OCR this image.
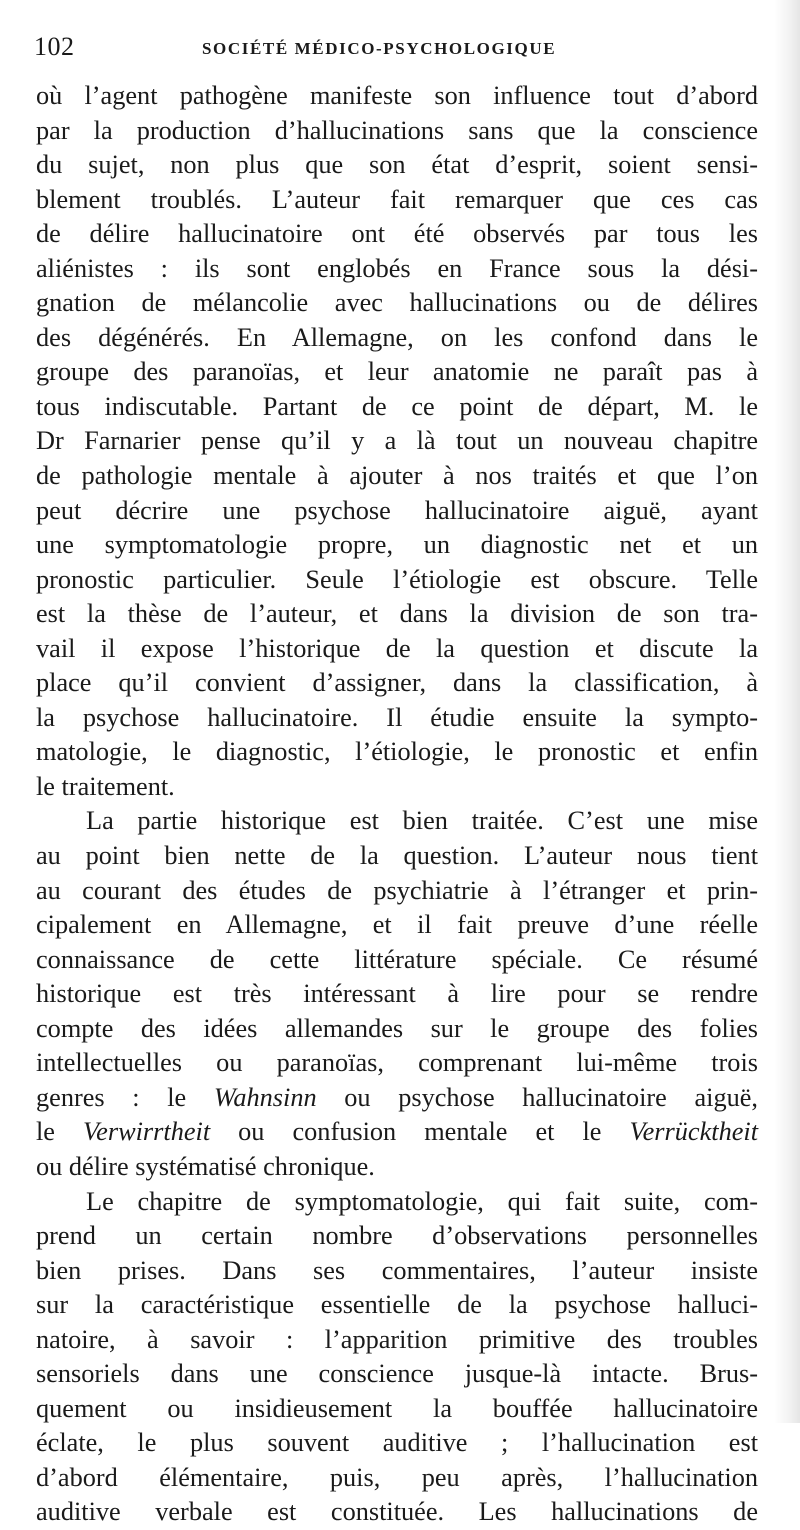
102	SOCIÉTÉ MÉDICO-PSYCHOLOGIQUE
où l’agent pathogène manifeste son influence tout d’abord
par la production d’hallucinations sans que la conscience
du sujet, non plus que son état d’esprit, soient sensi-
blement troublés. L’auteur fait remarquer que ces cas
de délire hallucinatoire ont été observés par tous les
aliénistes : ils sont englobés en France sous la dési-
gnation de mélancolie avec hallucinations ou de délires
des dégénérés. En Allemagne, on les confond dans le
groupe des paranoïas, et leur anatomie ne paraît pas à
tous indiscutable. Partant de ce point de départ, M. le
Dr Farnarier pense qu’il y a là tout un nouveau chapitre
de pathologie mentale à ajouter à nos traités et que l’on
peut décrire une psychose hallucinatoire aiguë, ayant
une symptomatologie propre, un diagnostic net et un
pronostic particulier. Seule l’étiologie est obscure. Telle
est la thèse de l’auteur, et dans la division de son tra-
vail il expose l’historique de la question et discute la
place qu’il convient d’assigner, dans la classification, à
la psychose hallucinatoire. Il étudie ensuite la sympto-
matologie, le diagnostic, l’étiologie, le pronostic et enfin
le traitement.
La partie historique est bien traitée. C’est une mise
au point bien nette de la question. L’auteur nous tient
au courant des études de psychiatrie à l’étranger et prin-
cipalement en Allemagne, et il fait preuve d’une réelle
connaissance de cette littérature spéciale. Ce résumé
historique est très intéressant à lire pour se rendre
compte des idées allemandes sur le groupe des folies
intellectuelles ou paranoïas, comprenant lui-même trois
genres : le Wahnsinn ou psychose hallucinatoire aiguë,
le Verwirrtheit ou confusion mentale et le Verrücktheit
ou délire systématisé chronique.
Le chapitre de symptomatologie, qui fait suite, com-
prend un certain nombre d’observations personnelles
bien prises. Dans ses commentaires, l’auteur insiste
sur la caractéristique essentielle de la psychose halluci-
natoire, à savoir : l’apparition primitive des troubles
sensoriels dans une conscience jusque-là intacte. Brus-
quement ou insidieusement la bouffée hallucinatoire
éclate, le plus souvent auditive ; l’hallucination est
d’abord élémentaire, puis, peu après, l’hallucination
auditive verbale est constituée. Les hallucinations de
